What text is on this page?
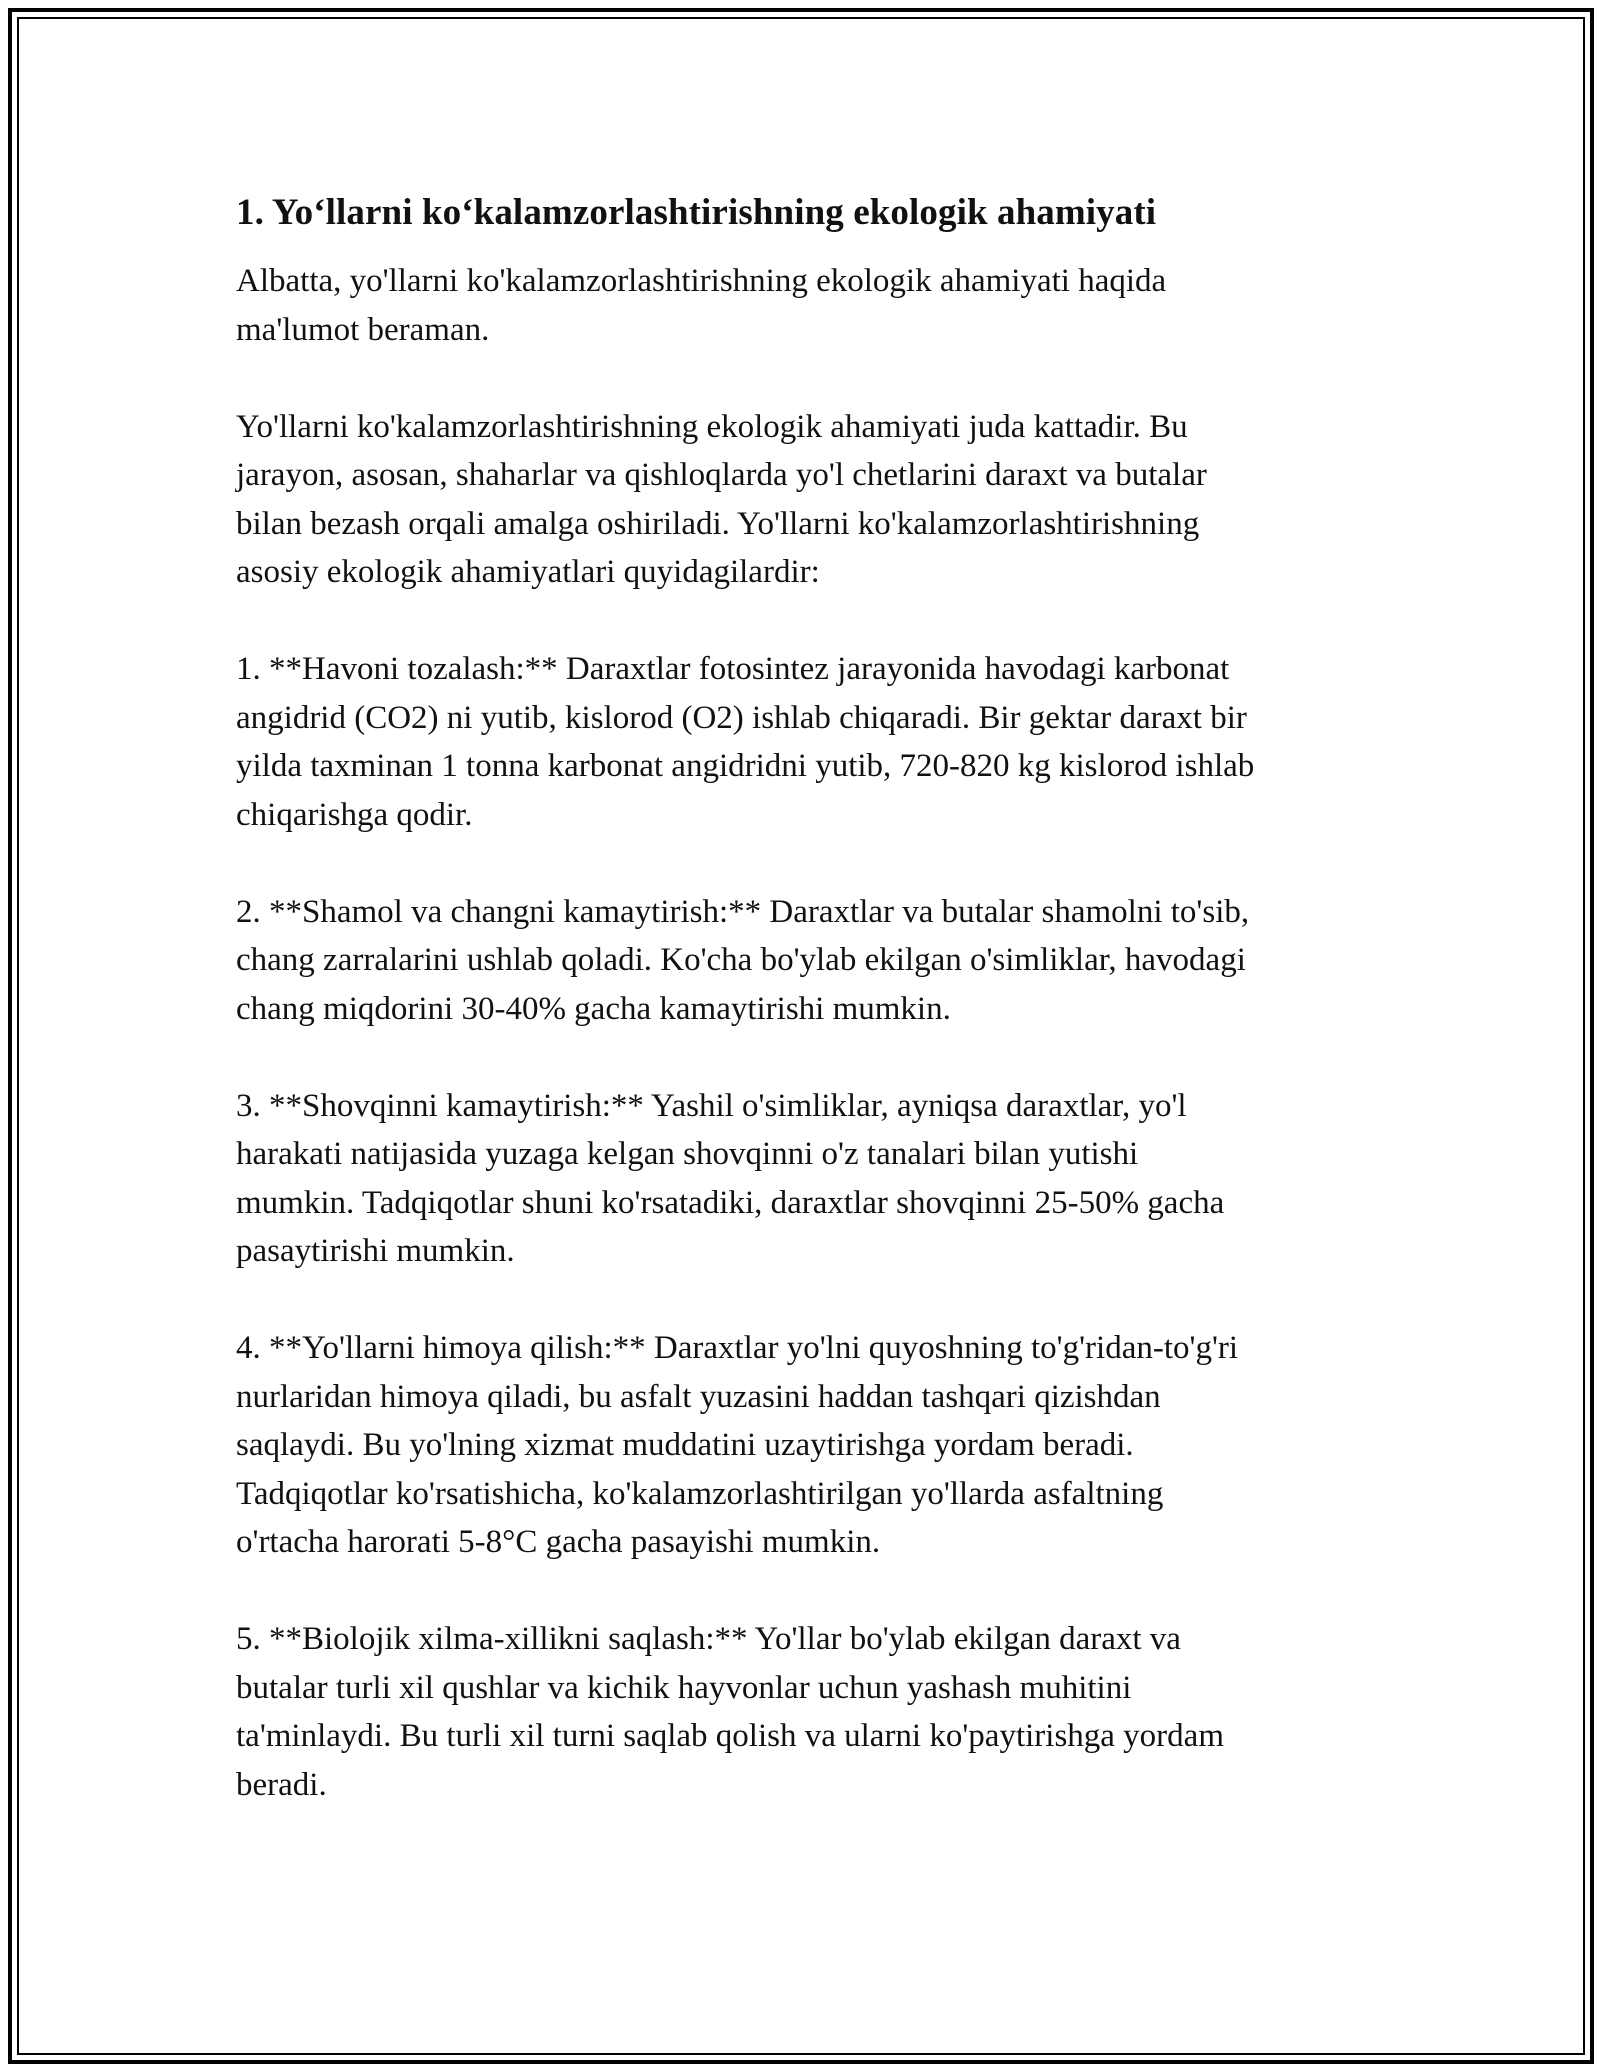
1. Yo‘llarni ko‘kalamzorlashtirishning ekologik ahamiyati

Albatta, yo'llarni ko'kalamzorlashtirishning ekologik ahamiyati haqida
ma'lumot beraman.

Yo'llarni ko'kalamzorlashtirishning ekologik ahamiyati juda kattadir. Bu
jarayon, asosan, shaharlar va qishloqlarda yo'l chetlarini daraxt va butalar
bilan bezash orqali amalga oshiriladi. Yo'llarni ko'kalamzorlashtirishning
asosiy ekologik ahamiyatlari quyidagilardir:

1. **Havoni tozalash:** Daraxtlar fotosintez jarayonida havodagi karbonat
angidrid (CO2) ni yutib, kislorod (O2) ishlab chiqaradi. Bir gektar daraxt bir
yilda taxminan 1 tonna karbonat angidridni yutib, 720-820 kg kislorod ishlab
chiqarishga qodir.

2. **Shamol va changni kamaytirish:** Daraxtlar va butalar shamolni to'sib,
chang zarralarini ushlab qoladi. Ko'cha bo'ylab ekilgan o'simliklar, havodagi
chang miqdorini 30-40% gacha kamaytirishi mumkin.

3. **Shovqinni kamaytirish:** Yashil o'simliklar, ayniqsa daraxtlar, yo'l
harakati natijasida yuzaga kelgan shovqinni o'z tanalari bilan yutishi
mumkin. Tadqiqotlar shuni ko'rsatadiki, daraxtlar shovqinni 25-50% gacha
pasaytirishi mumkin.

4. **Yo'llarni himoya qilish:** Daraxtlar yo'lni quyoshning to'g'ridan-to'g'ri
nurlaridan himoya qiladi, bu asfalt yuzasini haddan tashqari qizishdan
saqlaydi. Bu yo'lning xizmat muddatini uzaytirishga yordam beradi.
Tadqiqotlar ko'rsatishicha, ko'kalamzorlashtirilgan yo'llarda asfaltning
o'rtacha harorati 5-8°C gacha pasayishi mumkin.

5. **Biolojik xilma-xillikni saqlash:** Yo'llar bo'ylab ekilgan daraxt va
butalar turli xil qushlar va kichik hayvonlar uchun yashash muhitini
ta'minlaydi. Bu turli xil turni saqlab qolish va ularni ko'paytirishga yordam
beradi.
